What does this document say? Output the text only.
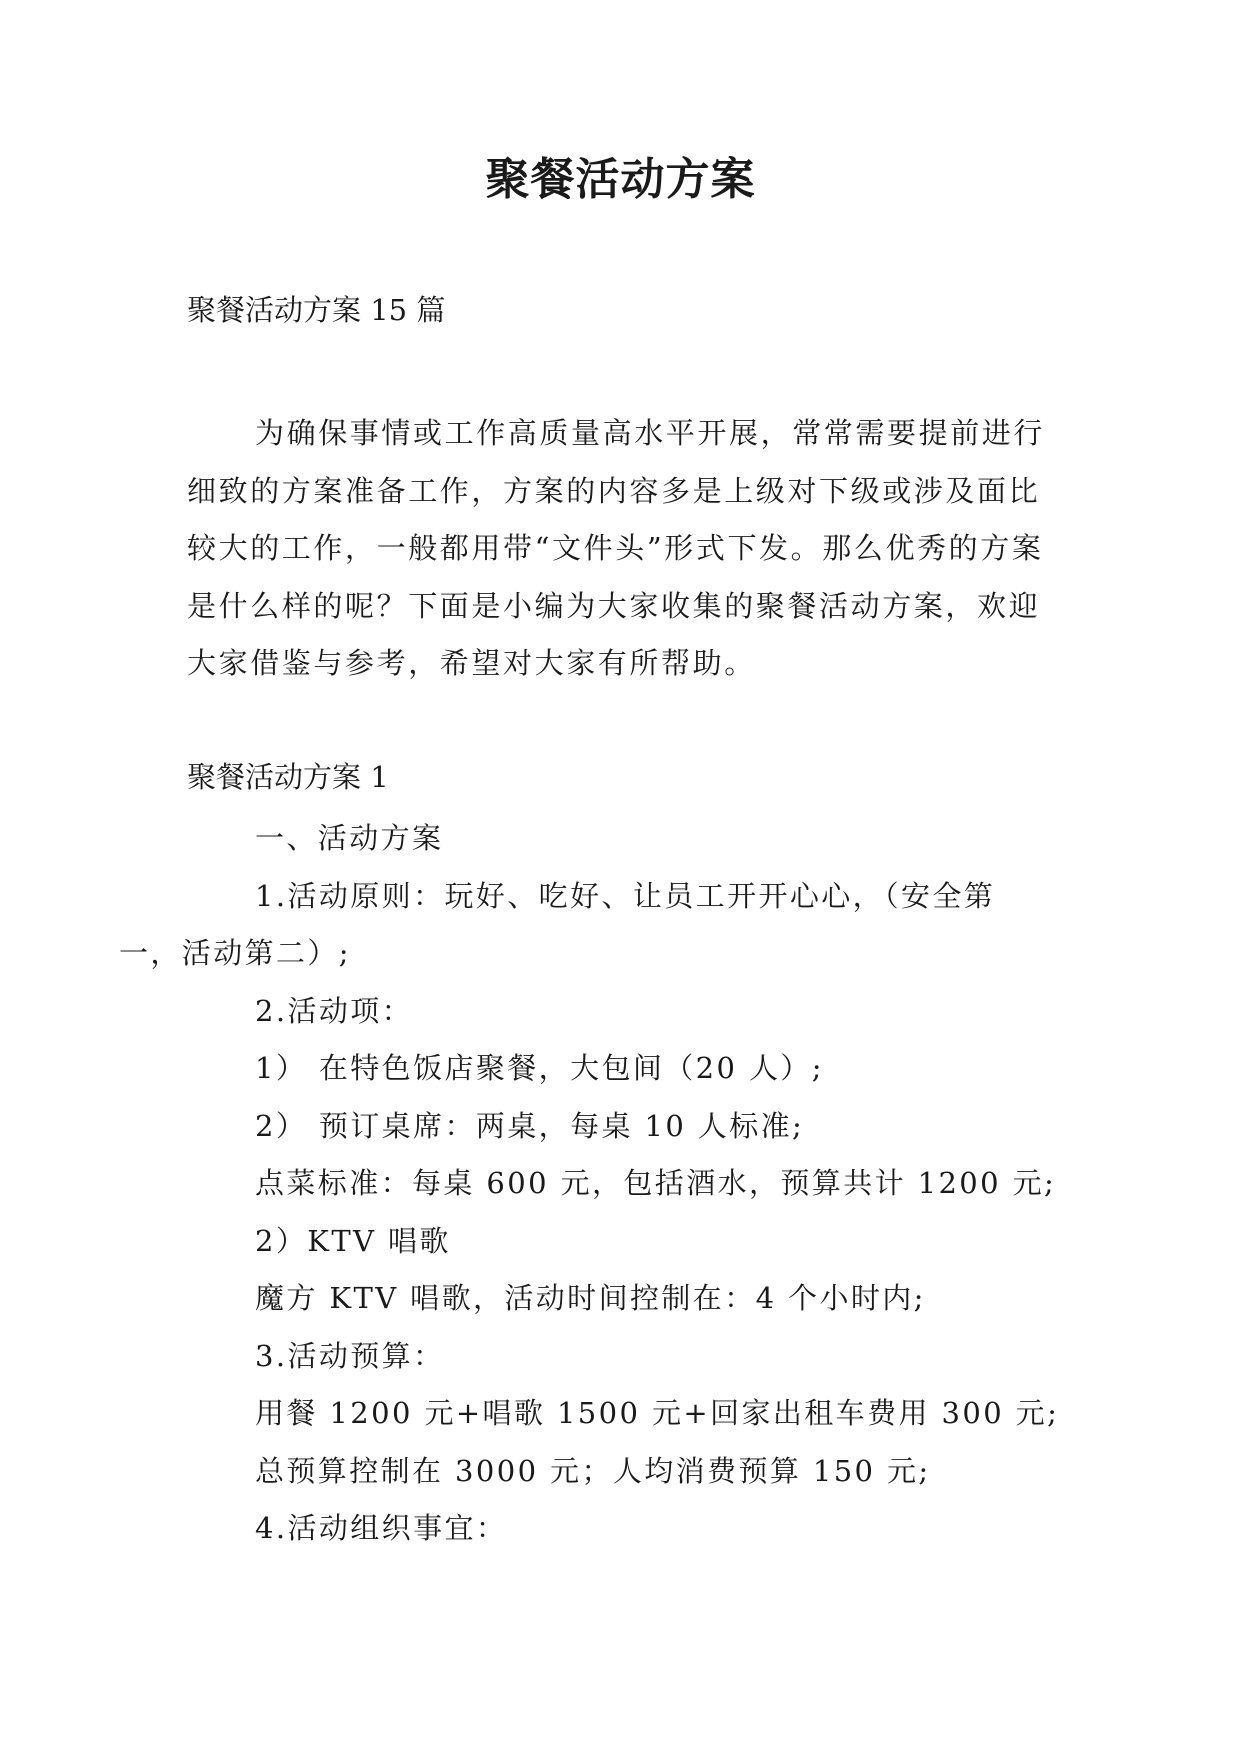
聚餐活动方案
聚餐活动方案 15 篇

为确保事情或工作高质量高水平开展，常常需要提前进行细致的方案准备工作，方案的内容多是上级对下级或涉及面比较大的工作，一般都用带“文件头”形式下发。那么优秀的方案是什么样的呢？下面是小编为大家收集的聚餐活动方案，欢迎大家借鉴与参考，希望对大家有所帮助。

聚餐活动方案 1
一、活动方案
1.活动原则：玩好、吃好、让员工开开心心，（安全第
一，活动第二）;
2.活动项：
1） 在特色饭店聚餐，大包间（20 人）;
2） 预订桌席：两桌，每桌 10 人标准;
点菜标准：每桌 600 元，包括酒水，预算共计 1200 元;
2）KTV 唱歌
魔方 KTV 唱歌，活动时间控制在：4 个小时内;
3.活动预算：
用餐 1200 元+唱歌 1500 元+回家出租车费用 300 元;
总预算控制在 3000 元；人均消费预算 150 元;
4.活动组织事宜：
